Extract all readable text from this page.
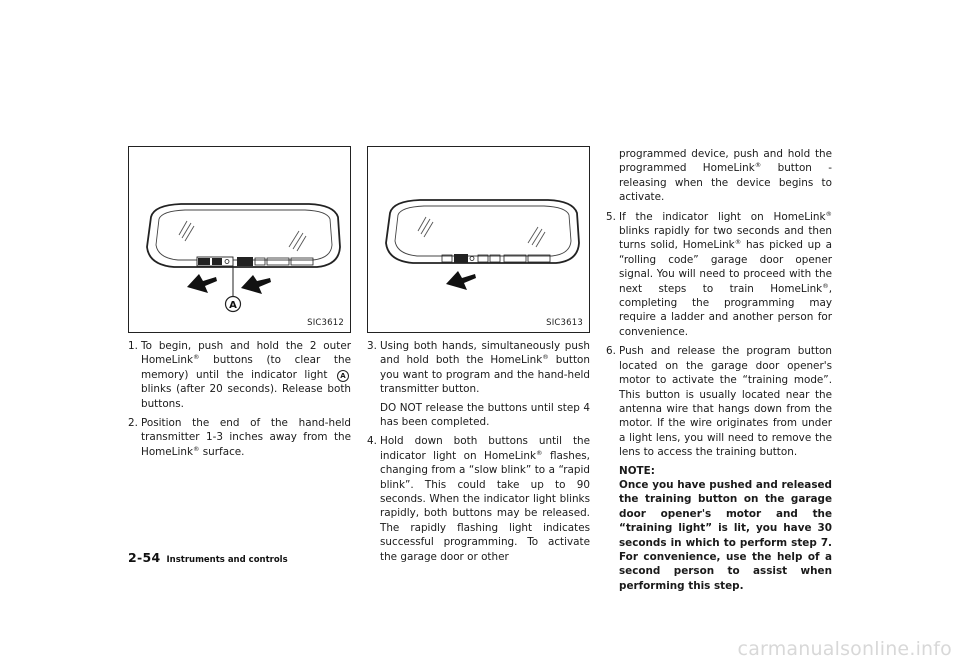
A
SIC3612	SIC3613
1. To begin, push and hold the 2 outer HomeLink® buttons (to clear the memory) until the indicator light A blinks (after 20 seconds). Release both buttons.
2. Position the end of the hand-held transmitter 1-3 inches away from the HomeLink® surface.
3. Using both hands, simultaneously push and hold both the HomeLink® button you want to program and the hand-held transmitter button.
DO NOT release the buttons until step 4 has been completed.
4. Hold down both buttons until the indicator light on HomeLink® flashes, changing from a “slow blink” to a “rapid blink”. This could take up to 90 seconds. When the indicator light blinks rapidly, both buttons may be released. The rapidly flashing light indicates successful programming. To activate the garage door or other
programmed device, push and hold the programmed HomeLink® button - releasing when the device begins to activate.
5. If the indicator light on HomeLink® blinks rapidly for two seconds and then turns solid, HomeLink® has picked up a “rolling code” garage door opener signal. You will need to proceed with the next steps to train HomeLink®, completing the programming may require a ladder and another person for convenience.
6. Push and release the program button located on the garage door opener's motor to activate the “training mode”. This button is usually located near the antenna wire that hangs down from the motor. If the wire originates from under a light lens, you will need to remove the lens to access the training button.
NOTE:
Once you have pushed and released the training button on the garage door opener's motor and the “training light” is lit, you have 30 seconds in which to perform step 7. For convenience, use the help of a second person to assist when performing this step.
2-54 Instruments and controls
carmanualsonline.info
